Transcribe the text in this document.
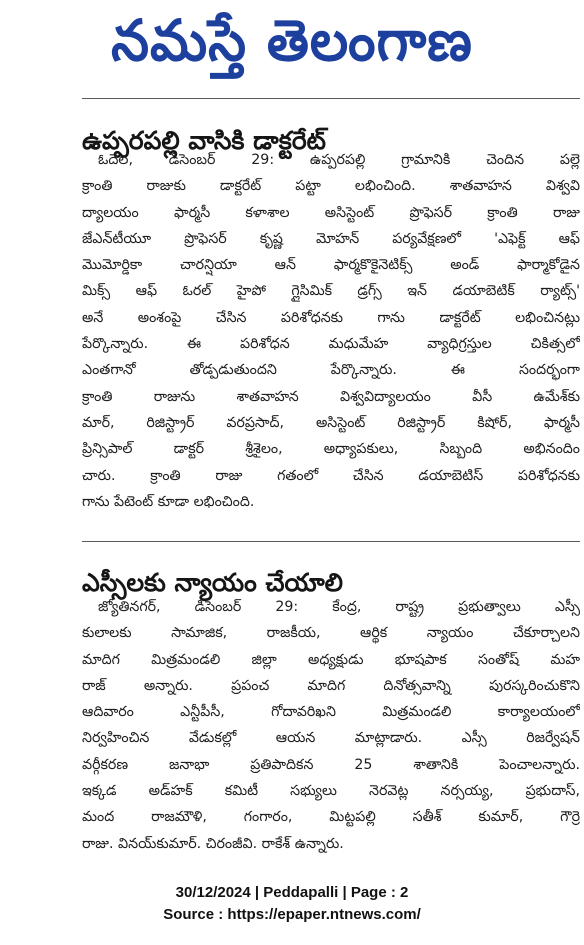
నమస్తే తెలంగాణ
ఉప్పరపల్లి వాసికి డాక్టరేట్
ఓదెల, డిసెంబర్ 29: ఉప్పరపల్లి గ్రామానికి చెందిన పల్లె
క్రాంతి రాజుకు డాక్టరేట్ పట్టా లభించింది. శాతవాహన విశ్వవి
ద్యాలయం ఫార్మసీ కళాశాల అసిస్టెంట్ ప్రొఫెసర్ క్రాంతి రాజు
జేఎన్‌టీయూ ప్రొఫెసర్ కృష్ణ మోహన్ పర్యవేక్షణలో 'ఎఫెక్ట్ ఆఫ్
మొమోర్డికా చారన్షియా ఆన్ ఫార్మకొకైనెటిక్స్ అండ్ ఫార్మాకోడైన
మిక్స్ ఆఫ్ ఓరల్ హైపో గ్లైసిమిక్ డ్రగ్స్ ఇన్ డయాబెటిక్ ర్యాట్స్'
అనే అంశంపై చేసిన పరిశోధనకు గాను డాక్టరేట్ లభించినట్లు
పేర్కొన్నారు. ఈ పరిశోధన మధుమేహ వ్యాధిగ్రస్తుల చికిత్సలో
ఎంతగానో తోడ్పడుతుందని పేర్కొన్నారు. ఈ సందర్భంగా
క్రాంతి రాజును శాతవాహన విశ్వవిద్యాలయం వీసీ ఉమేశ్‌కు
మార్, రిజిస్ట్రార్ వరప్రసాద్, అసిస్టెంట్ రిజిస్ట్రార్ కిషోర్, ఫార్మసీ
ప్రిన్సిపాల్ డాక్టర్ శ్రీశైలం, అధ్యాపకులు, సిబ్బంది అభినందిం
చారు. క్రాంతి రాజు గతంలో చేసిన డయాబెటిస్ పరిశోధనకు
గాను పేటెంట్ కూడా లభించింది.
ఎస్సీలకు న్యాయం చేయాలి
జ్యోతినగర్, డిసెంబర్ 29: కేంద్ర, రాష్ట్ర ప్రభుత్వాలు ఎస్సీ
కులాలకు సామాజిక, రాజకీయ, ఆర్థిక న్యాయం చేకూర్చాలని
మాదిగ మిత్రమండలి జిల్లా అధ్యక్షుడు భూషపాక సంతోష్ మహ
రాజ్ అన్నారు. ప్రపంచ మాదిగ దినోత్సవాన్ని పురస్కరించుకొని
ఆదివారం ఎన్టీపీసీ, గోదావరిఖని మిత్రమండలి కార్యాలయంలో
నిర్వహించిన వేడుకల్లో ఆయన మాట్లాడారు. ఎస్సీ రిజర్వేషన్
వర్గీకరణ జనాభా ప్రతిపాదికన 25 శాతానికి పెంచాలన్నారు.
ఇక్కడ అడ్‌హక్ కమిటీ సభ్యులు నెరవెట్ల నర్సయ్య, ప్రభుదాస్,
మంద రాజమౌళి, గంగారం, మిట్టపల్లి సతీశ్ కుమార్, గౌర్రె
రాజు. వినయ్‌కుమార్. చిరంజీవి. రాకేశ్ ఉన్నారు.
30/12/2024 | Peddapalli | Page : 2
Source : https://epaper.ntnews.com/
